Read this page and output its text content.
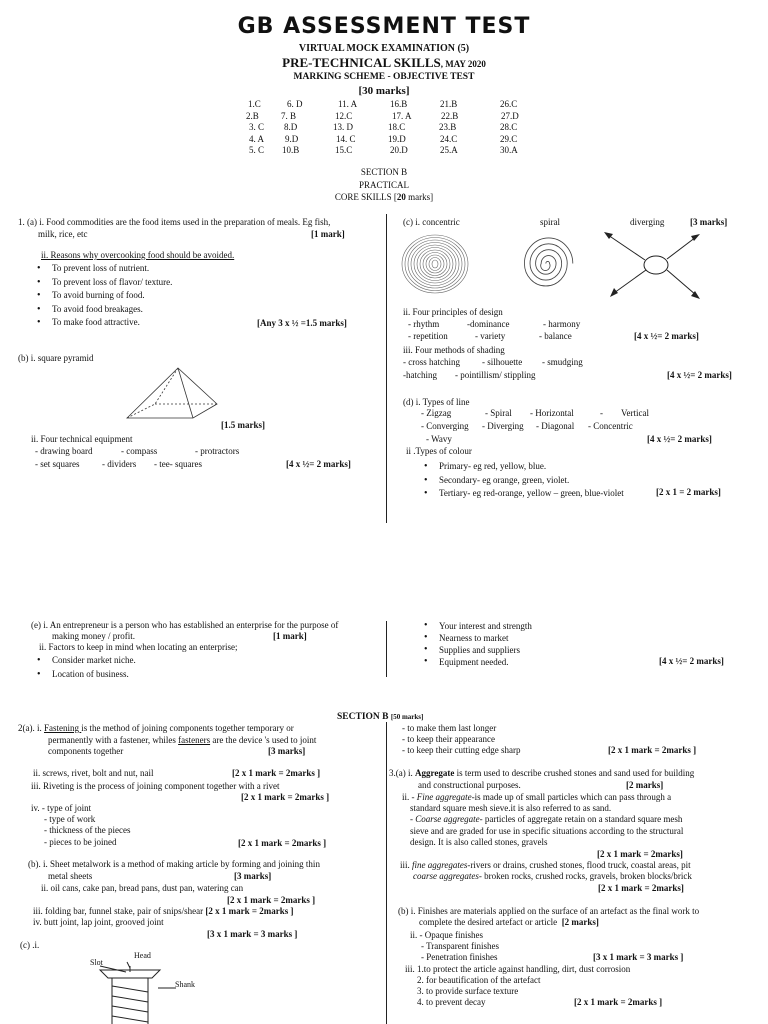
GB ASSESSMENT TEST
VIRTUAL MOCK EXAMINATION (5)
PRE-TECHNICAL SKILLS, MAY 2020
MARKING SCHEME - OBJECTIVE TEST
[30 marks]
1.C	6. D	11. A	16.B	21.B	26.C
2.B 7. B	12.C	17. A	22.B	27.D
3. C 8.D	13. D	18.C	23.B	28.C
4. A 9.D	14. C	19.D	24.C	29.C
5. C 10.B	15.C	20.D	25.A	30.A
SECTION B
PRACTICAL
CORE SKILLS [20 marks]
1. (a) i. Food commodities are the food items used in the preparation of meals. Eg fish,
milk, rice, etc	[1 mark]
ii. Reasons why overcooking food should be avoided.
• To prevent loss of nutrient.
• To prevent loss of flavor/ texture.
• To avoid burning of food.
• To avoid food breakages.
• To make food attractive.	[Any 3 x ½ =1.5 marks]
(b) i. square pyramid
[1.5 marks]
ii. Four technical equipment
- drawing board	- compass	- protractors
- set squares	- dividers - tee- squares	[4 x ½= 2 marks]
(c) i. concentric	spiral	diverging	[3 marks]
ii. Four principles of design
- rhythm	-dominance	- harmony
- repetition	- variety	- balance	[4 x ½= 2 marks]
iii. Four methods of shading
- cross hatching - silhouette - smudging
-hatching - pointillism/ stippling	[4 x ½= 2 marks]
(d) i. Types of line
- Zigzag	- Spiral - Horizontal	- Vertical
- Converging - Diverging - Diagonal - Concentric
- Wavy	[4 x ½= 2 marks]
ii .Types of colour
• Primary- eg red, yellow, blue.
• Secondary- eg orange, green, violet.
• Tertiary- eg red-orange, yellow – green, blue-violet	[2 x 1 = 2 marks]
(e) i. An entrepreneur is a person who has established an enterprise for the purpose of
making money / profit.	[1 mark]
ii. Factors to keep in mind when locating an enterprise;
• Consider market niche.
• Location of business.
• Your interest and strength
• Nearness to market
• Supplies and suppliers
• Equipment needed.	[4 x ½= 2 marks]
SECTION B [50 marks]
2(a). i. Fastening is the method of joining components together temporary or
permanently with a fastener, whiles fasteners are the device 's used to joint
components together	[3 marks]
ii. screws, rivet, bolt and nut, nail	[2 x 1 mark = 2marks ]
iii. Riveting is the process of joining component together with a rivet
[2 x 1 mark = 2marks ]
iv. - type of joint
- type of work
- thickness of the pieces
- pieces to be joined	[2 x 1 mark = 2marks ]
(b). i. Sheet metalwork is a method of making article by forming and joining thin
metal sheets	[3 marks]
ii. oil cans, cake pan, bread pans, dust pan, watering can
[2 x 1 mark = 2marks ]
iii. folding bar, funnel stake, pair of snips/shear [2 x 1 mark = 2marks ]
iv. butt joint, lap joint, grooved joint
[3 x 1 mark = 3 marks ]
(c) .i.
Head
Slot
Shank
- to make them last longer
- to keep their appearance
- to keep their cutting edge sharp	[2 x 1 mark = 2marks ]
3.(a) i. Aggregate is term used to describe crushed stones and sand used for building
and constructional purposes.	[2 marks]
ii. - Fine aggregate-is made up of small particles which can pass through a
standard square mesh sieve.it is also referred to as sand.
- Coarse aggregate- particles of aggregate retain on a standard square mesh
sieve and are graded for use in specific situations according to the structural
design. It is also called stones, gravels
[2 x 1 mark = 2marks]
iii. fine aggregates-rivers or drains, crushed stones, flood truck, coastal areas, pit
coarse aggregates- broken rocks, crushed rocks, gravels, broken blocks/brick
[2 x 1 mark = 2marks]
(b) i. Finishes are materials applied on the surface of an artefact as the final work to
complete the desired artefact or article [2 marks]
ii. - Opaque finishes
- Transparent finishes
- Penetration finishes	[3 x 1 mark = 3 marks ]
iii. 1.to protect the article against handling, dirt, dust corrosion
2. for beautification of the artefact
3. to provide surface texture
4. to prevent decay	[2 x 1 mark = 2marks ]
